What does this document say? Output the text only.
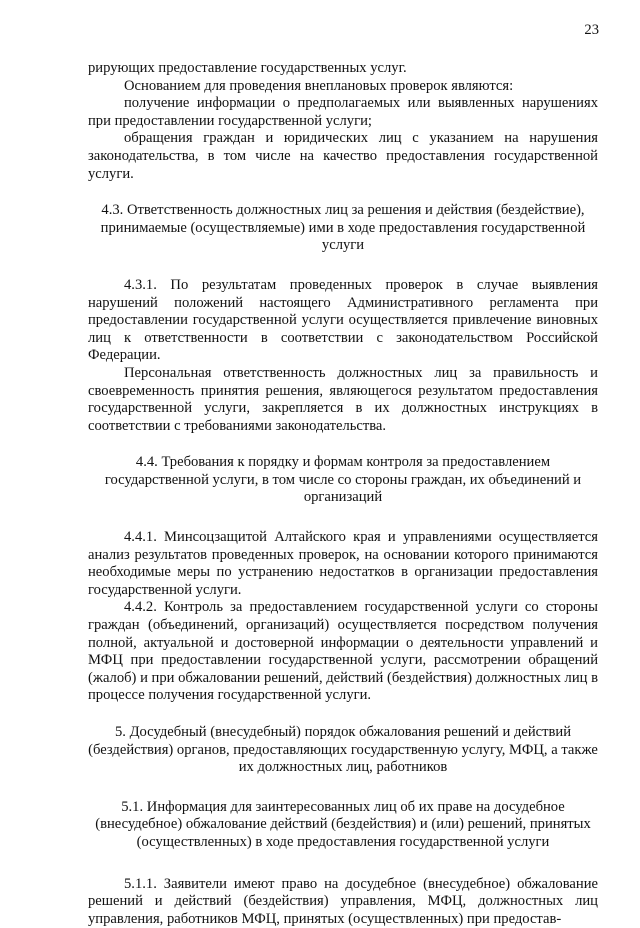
23

рирующих предоставление государственных услуг.

Основанием для проведения внеплановых проверок являются:

получение информации о предполагаемых или выявленных нарушениях при предоставлении государственной услуги;

обращения граждан и юридических лиц с указанием на нарушения законодательства, в том числе на качество предоставления государственной услуги.

4.3. Ответственность должностных лиц за решения и действия (бездействие), принимаемые (осуществляемые) ими в ходе предоставления государственной услуги

4.3.1. По результатам проведенных проверок в случае выявления нарушений положений настоящего Административного регламента при предоставлении государственной услуги осуществляется привлечение виновных лиц к ответственности в соответствии с законодательством Российской Федерации.

Персональная ответственность должностных лиц за правильность и своевременность принятия решения, являющегося результатом предоставления государственной услуги, закрепляется в их должностных инструкциях в соответствии с требованиями законодательства.

4.4. Требования к порядку и формам контроля за предоставлением государственной услуги, в том числе со стороны граждан, их объединений и организаций

4.4.1. Минсоцзащитой Алтайского края и управлениями осуществляется анализ результатов проведенных проверок, на основании которого принимаются необходимые меры по устранению недостатков в организации предоставления государственной услуги.

4.4.2. Контроль за предоставлением государственной услуги со стороны граждан (объединений, организаций) осуществляется посредством получения полной, актуальной и достоверной информации о деятельности управлений и МФЦ при предоставлении государственной услуги, рассмотрении обращений (жалоб) и при обжаловании решений, действий (бездействия) должностных лиц в процессе получения государственной услуги.

5. Досудебный (внесудебный) порядок обжалования решений и действий (бездействия) органов, предоставляющих государственную услугу, МФЦ, а также их должностных лиц, работников

5.1. Информация для заинтересованных лиц об их праве на досудебное (внесудебное) обжалование действий (бездействия) и (или) решений, принятых (осуществленных) в ходе предоставления государственной услуги

5.1.1. Заявители имеют право на досудебное (внесудебное) обжалование решений и действий (бездействия) управления, МФЦ, должностных лиц управления, работников МФЦ, принятых (осуществленных) при предостав-
